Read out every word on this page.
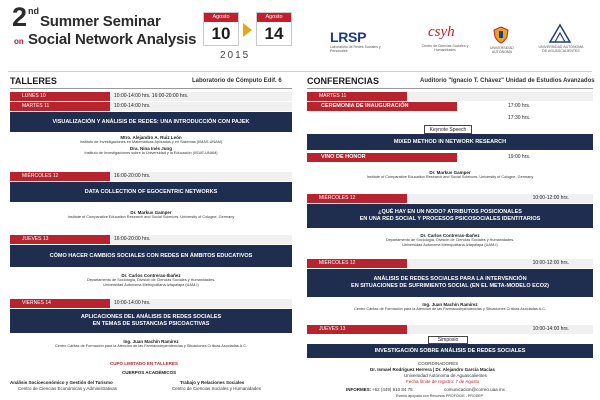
2 nd
Summer Seminar
on Social Network Analysis
Agosto
10
Agosto
14
2015
LRSP
Laboratorio de Redes Sociales y Personales
csyh
Centro de Ciencias Sociales y Humanidades	UNIVERSIDAD AUTÓNOMA
UNIVERSIDAD AUTÓNOMA DE AGUASCALIENTES
TALLERES	Laboratorio de Cómputo Edif. 6
LUNES 10	10:00-14:00 hrs. 16:00-20:00 hrs.
MARTES 11	10:00-14:00 hrs.
VISUALIZACIÓN Y ANÁLISIS DE REDES: UNA INTRODUCCIÓN CON PAJEK
Mtro. Alejandro A. Ruiz León
Instituto de Investigaciones en Matemáticas Aplicadas y en Sistemas (IIMAS-UNAM)
Dra. Nina Inés Jung
Instituto de Investigaciones sobre la Universidad y la Educación (IISUE-UNAM)
MIÉRCOLES 12	16:00-20:00 hrs.
DATA COLLECTION OF EGOCENTRIC NETWORKS
Dr. Markus Gamper
Institute of Comparative Education Research and Social Sciences. University of Cologne, Germany
JUEVES 13	16:00-20:00 hrs.
CÓMO HACER CAMBIOS SOCIALES CON REDES EN ÁMBITOS EDUCATIVOS
Dr. Carlos Contreras-Ibañez
Departamento de Sociología, División de Ciencias Sociales y Humanidades.
Universidad Autónoma Metropolitana-Iztapalapa (UAM-I)
VIERNES 14	10:00-14:00 hrs.
APLICACIONES DEL ANÁLISIS DE REDES SOCIALES
EN TEMAS DE SUSTANCIAS PSICOACTIVAS
Ing. Juan Machín Ramírez
Centro Cáritas de Formación para la Atención de las Farmacodependencias y Situaciones Críticas Asociadas A.C.
CUPO LIMITADO EN TALLERES
CUERPOS ACADÉMICOS
Análisis Socioeconómico y Gestión del Turismo
Centro de Ciencias Económicas y Administrativas
Trabajo y Relaciones Sociales
Centro de Ciencias Sociales y Humanidades
CONFERENCIAS	Auditorio "Ignacio T. Chávez" Unidad de Estudios Avanzados
MARTES 11
CEREMONIA DE INAUGURACIÓN	17:00 hrs.
17:30 hrs.
Keynote Speech
MIXED METHOD IN NETWORK RESEARCH
VINO DE HONOR	19:00 hrs.
Dr. Markus Gamper
Institute of Comparative Education Research and Social Sciences. University of Cologne, Germany
MIÉRCOLES 12	10:00-12:00 hrs.
¿QUÉ HAY EN UN NODO? ATRIBUTOS POSICIONALES
EN UNA RED SOCIAL Y PROCESOS PSICOSOCIALES IDENTITARIOS
Dr. Carlos Contreras-Ibañez
Departamento de Sociología, División de Ciencias Sociales y Humanidades.
Universidad Autónoma Metropolitana-Iztapalapa (UAM-I)
MIÉRCOLES 12	10:00-12:00 hrs.
ANÁLISIS DE REDES SOCIALES PARA LA INTERVENCIÓN
EN SITUACIONES DE SUFRIMIENTO SOCIAL (EN EL META-MODELO ECO2)
Ing. Juan Machín Ramírez
Centro Cáritas de Formación para la Atención de las Farmacodependencias y Situaciones Críticas Asociadas A.C.
JUEVES 13	10:00-14:00 hrs.
Simposio
INVESTIGACIÓN SOBRE ANÁLISIS DE REDES SOCIALES
COORDINADORES
Dr. Ismael Rodríguez Herrera | Dr. Alejandro García Macías
Universidad Autónoma de Aguascalientes
Fecha límite de registro: 7 de Agosto
INFORMES: +52 (449) 910 84 75	comunicacion@correo.uaa.mx
Evento apoyado con Recursos PROFOCIE - PRODEP
